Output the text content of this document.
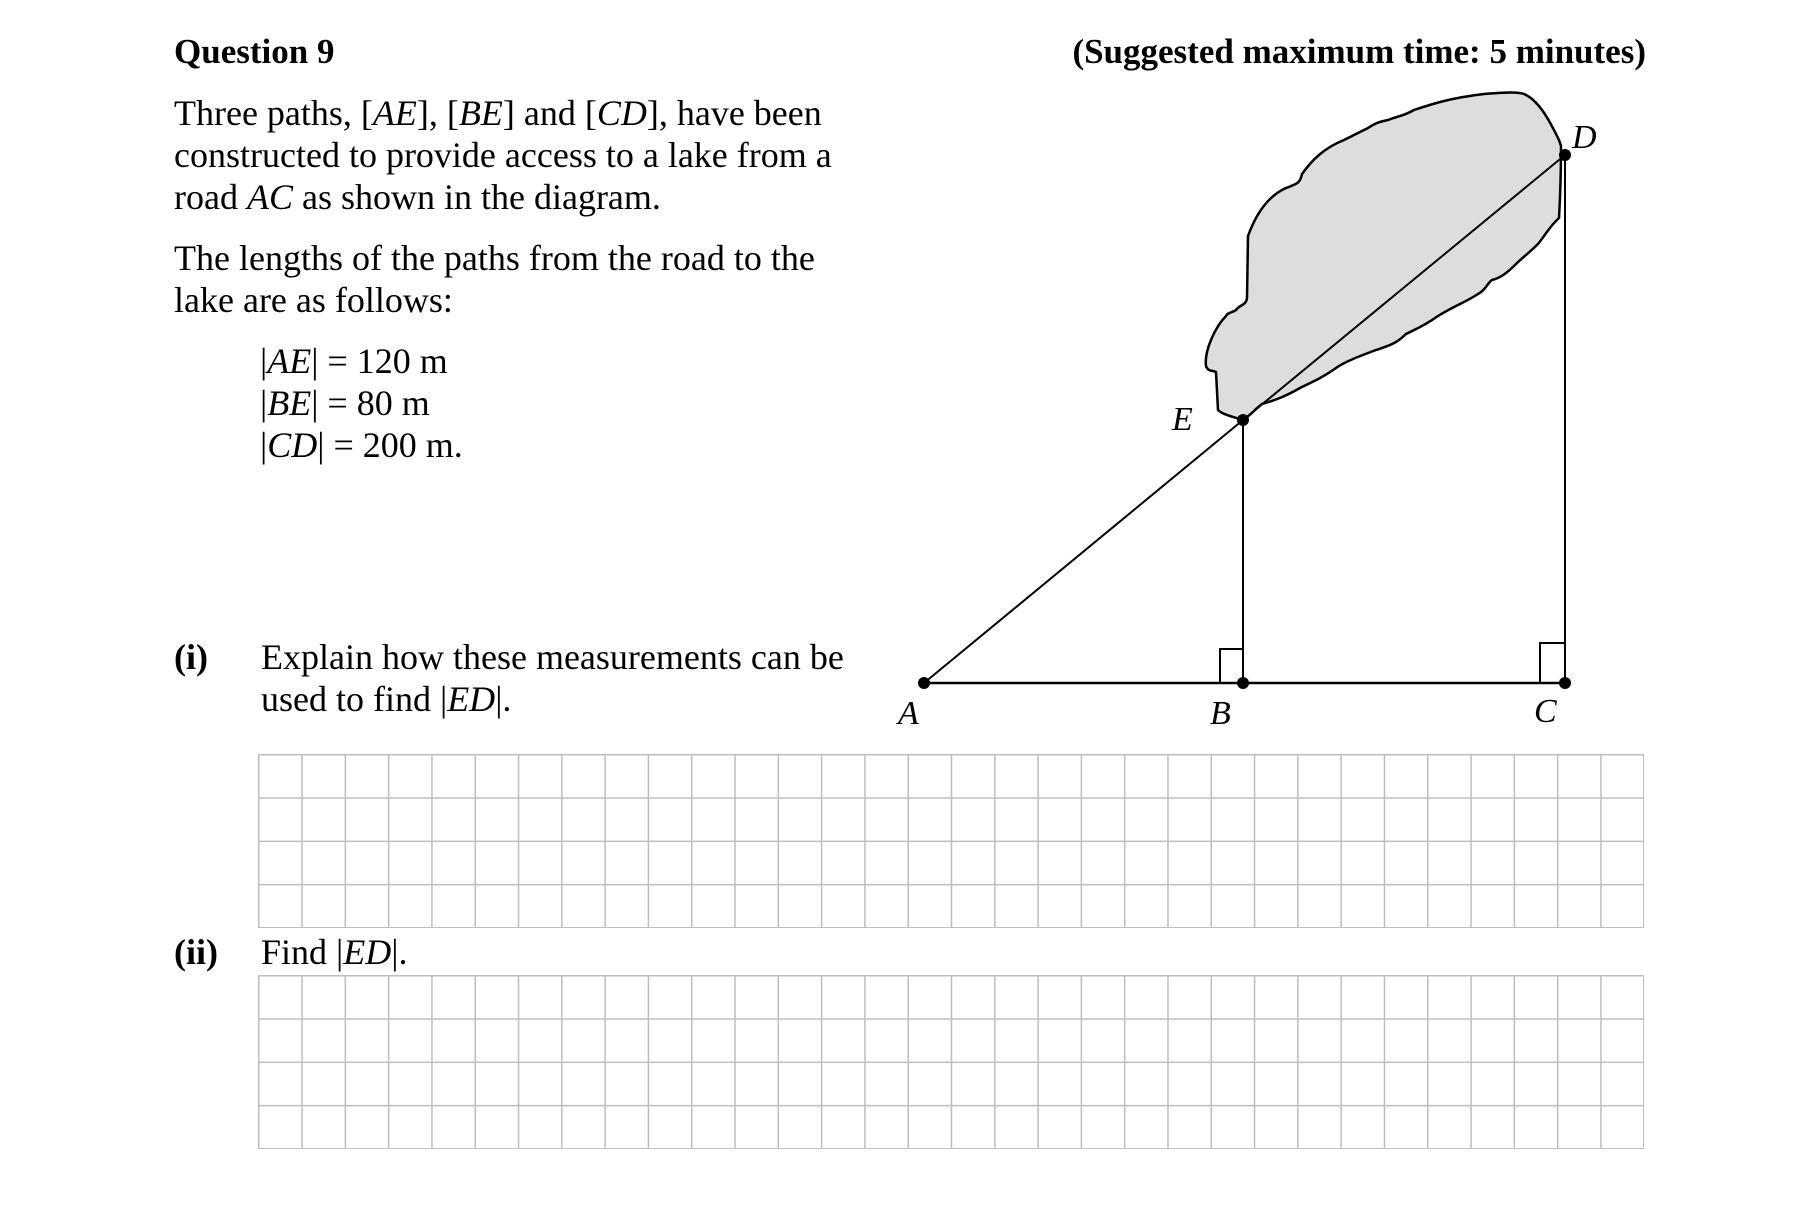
Question 9	(Suggested maximum time: 5 minutes)
Three paths, [AE], [BE] and [CD], have been constructed to provide access to a lake from a road AC as shown in the diagram.
The lengths of the paths from the road to the lake are as follows:
|AE| = 120 m
|BE| = 80 m
|CD| = 200 m.
(i) Explain how these measurements can be used to find |ED|.
(ii) Find |ED|.
A	B	C
E
D
